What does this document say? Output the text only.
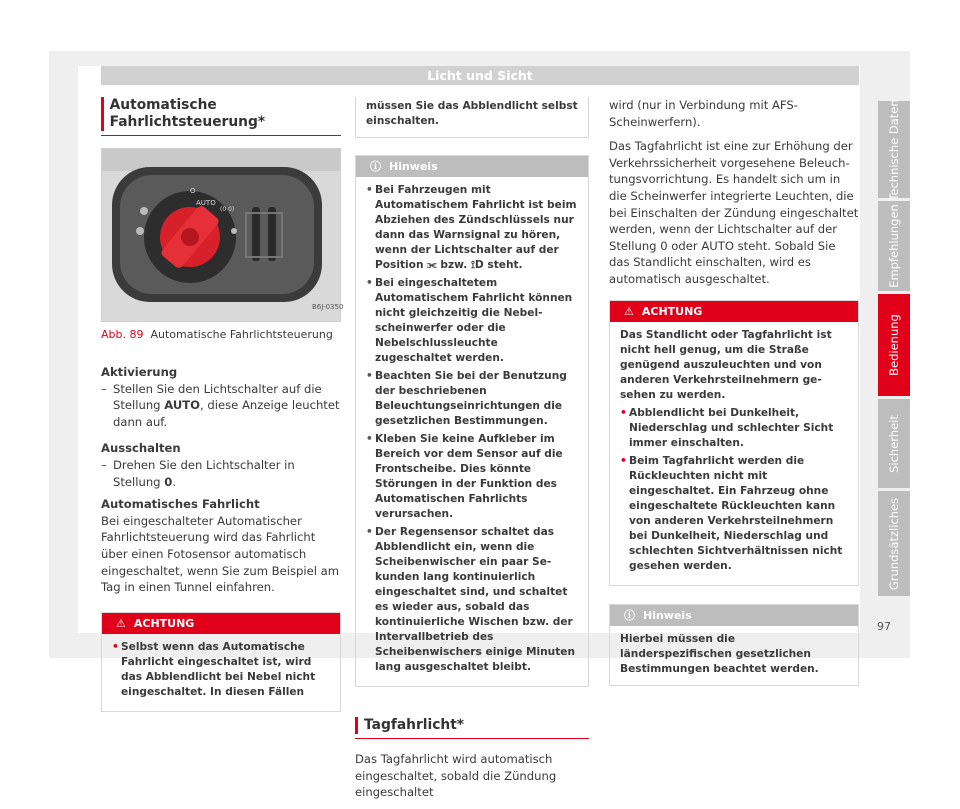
Licht und Sicht

Automatische Fahrlichtsteuerung*

B6J-0350
AUTO
O
(0 0)
Abb. 89 Automatische Fahrlichtsteuerung
Aktivierung
– Stellen Sie den Lichtschalter auf die Stellung AUTO, diese Anzeige leuchtet dann auf.
Ausschalten
– Drehen Sie den Lichtschalter in Stellung 0.
Automatisches Fahrlicht

Bei eingeschalteter Automatischer Fahrlichtsteuerung wird das Fahrlicht über einen Fotosensor automatisch eingeschaltet, wenn Sie zum Beispiel am Tag in einen Tunnel einfahren.

⚠ ACHTUNG
• Selbst wenn das Automatische Fahrlicht eingeschaltet ist, wird das Abblendlicht bei Nebel nicht eingeschaltet. In diesen Fällen
müssen Sie das Abblendlicht selbst einschalten.
ⓘ Hinweis
• Bei Fahrzeugen mit Automatischem Fahrlicht ist beim Abziehen des Zündschlüssels nur dann das Warnsignal zu hören, wenn der Lichtschalter auf der Position ⫘ bzw. ⟟D steht.
• Bei eingeschaltetem Automatischem Fahrlicht können nicht gleichzeitig die Nebelscheinwerfer oder die Nebelschlussleuchte zugeschaltet werden.
• Beachten Sie bei der Benutzung der beschriebenen Beleuchtungseinrichtungen die gesetzlichen Bestimmungen.
• Kleben Sie keine Aufkleber im Bereich vor dem Sensor auf die Frontscheibe. Dies könnte Störungen in der Funktion des Automatischen Fahrlichts verursachen.
• Der Regensensor schaltet das Abblendlicht ein, wenn die Scheibenwischer ein paar Sekunden lang kontinuierlich eingeschaltet sind, und schaltet es wieder aus, sobald das kontinuierliche Wischen bzw. der Intervallbetrieb des Scheibenwischers einige Minuten lang ausgeschaltet bleibt.

Tagfahrlicht*

Das Tagfahrlicht wird automatisch eingeschaltet, sobald die Zündung eingeschaltet

wird (nur in Verbindung mit AFS-Scheinwerfern).

Das Tagfahrlicht ist eine zur Erhöhung der Verkehrssicherheit vorgesehene Beleuchtungsvorrichtung. Es handelt sich um in die Scheinwerfer integrierte Leuchten, die bei Einschalten der Zündung eingeschaltet werden, wenn der Lichtschalter auf der Stellung 0 oder AUTO steht. Sobald Sie das Standlicht einschalten, wird es automatisch ausgeschaltet.

⚠ ACHTUNG
Das Standlicht oder Tagfahrlicht ist nicht hell genug, um die Straße genügend auszuleuchten und von anderen Verkehrsteilnehmern gesehen zu werden.
• Abblendlicht bei Dunkelheit, Niederschlag und schlechter Sicht immer einschalten.
• Beim Tagfahrlicht werden die Rückleuchten nicht mit eingeschaltet. Ein Fahrzeug ohne eingeschaltete Rückleuchten kann von anderen Verkehrsteilnehmern bei Dunkelheit, Niederschlag und schlechten Sichtverhältnissen nicht gesehen werden.
ⓘ Hinweis
Hierbei müssen die länderspezifischen gesetzlichen Bestimmungen beachtet werden.
Technische Daten
Empfehlungen
Bedienung
Sicherheit
Grundsätzliches
97
